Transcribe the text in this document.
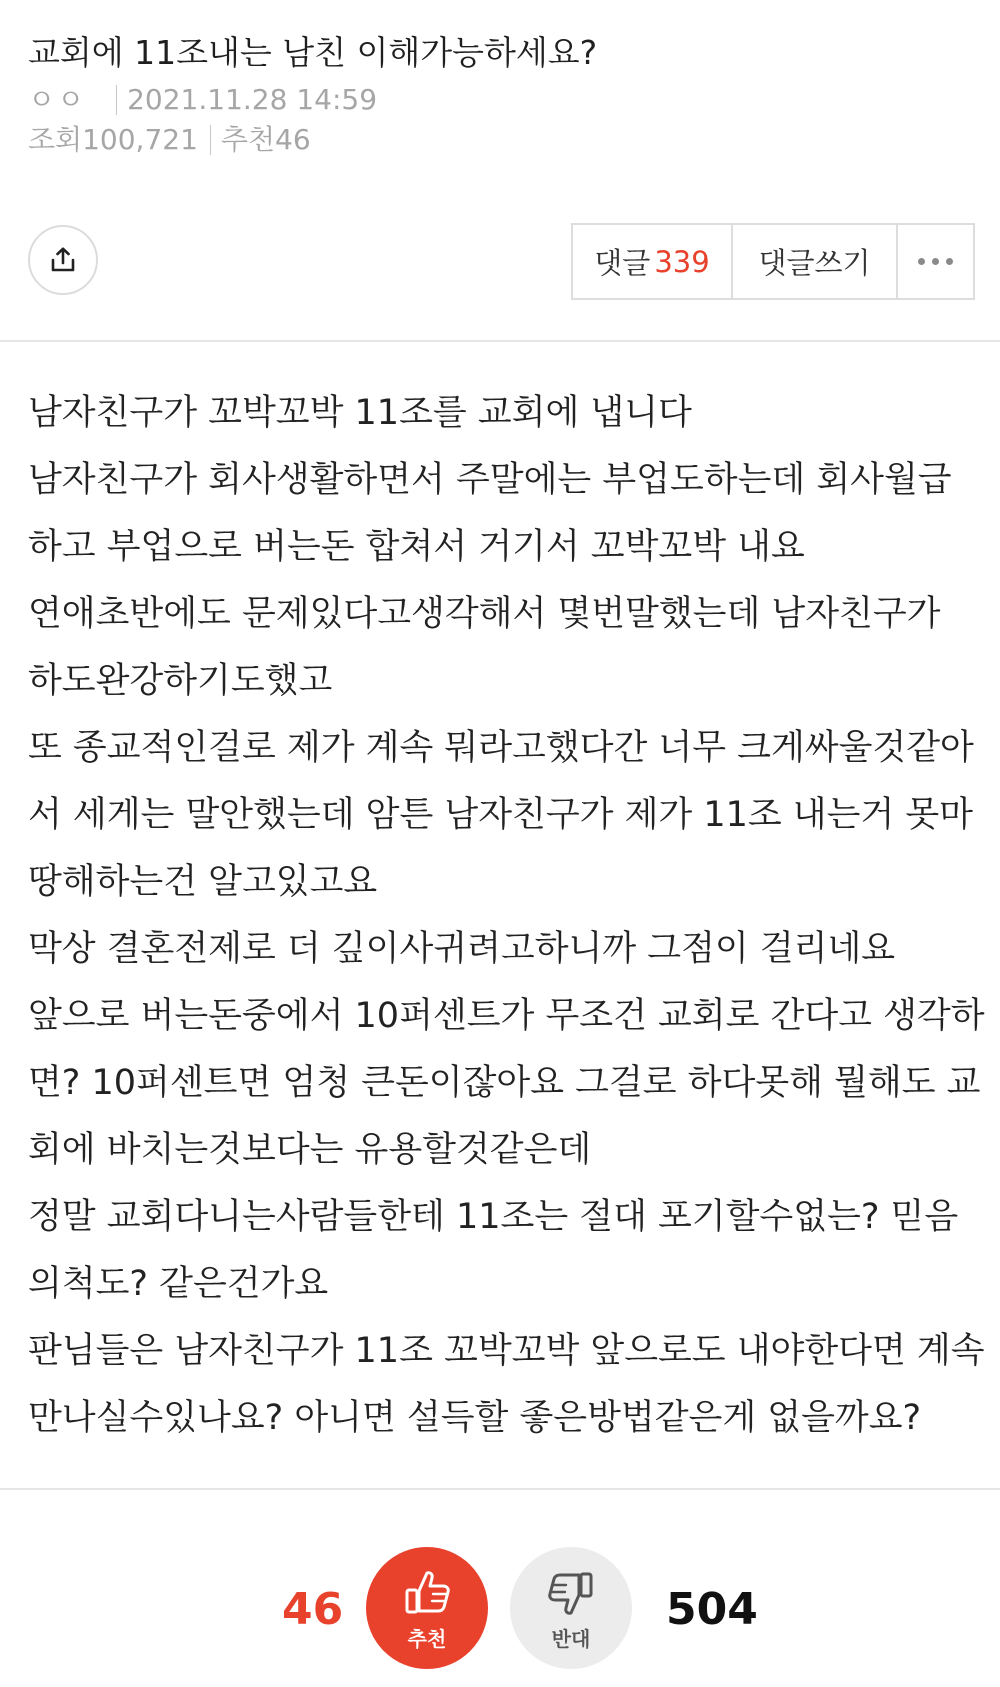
교회에 11조내는 남친 이해가능하세요?
ㅇㅇ 2021.11.28 14:59
조회 100,721 추천 46
댓글 339	댓글쓰기
남자친구가 꼬박꼬박 11조를 교회에 냅니다
남자친구가 회사생활하면서 주말에는 부업도하는데 회사월급
하고 부업으로 버는돈 합쳐서 거기서 꼬박꼬박 내요
연애초반에도 문제있다고생각해서 몇번말했는데 남자친구가
하도완강하기도했고
또 종교적인걸로 제가 계속 뭐라고했다간 너무 크게싸울것같아
서 세게는 말안했는데 암튼 남자친구가 제가 11조 내는거 못마
땅해하는건 알고있고요
막상 결혼전제로 더 깊이사귀려고하니까 그점이 걸리네요
앞으로 버는돈중에서 10퍼센트가 무조건 교회로 간다고 생각하
면? 10퍼센트면 엄청 큰돈이잖아요 그걸로 하다못해 뭘해도 교
회에 바치는것보다는 유용할것같은데
정말 교회다니는사람들한테 11조는 절대 포기할수없는? 믿음
의척도? 같은건가요
판님들은 남자친구가 11조 꼬박꼬박 앞으로도 내야한다면 계속
만나실수있나요? 아니면 설득할 좋은방법같은게 없을까요?
46
추천	반대
504
